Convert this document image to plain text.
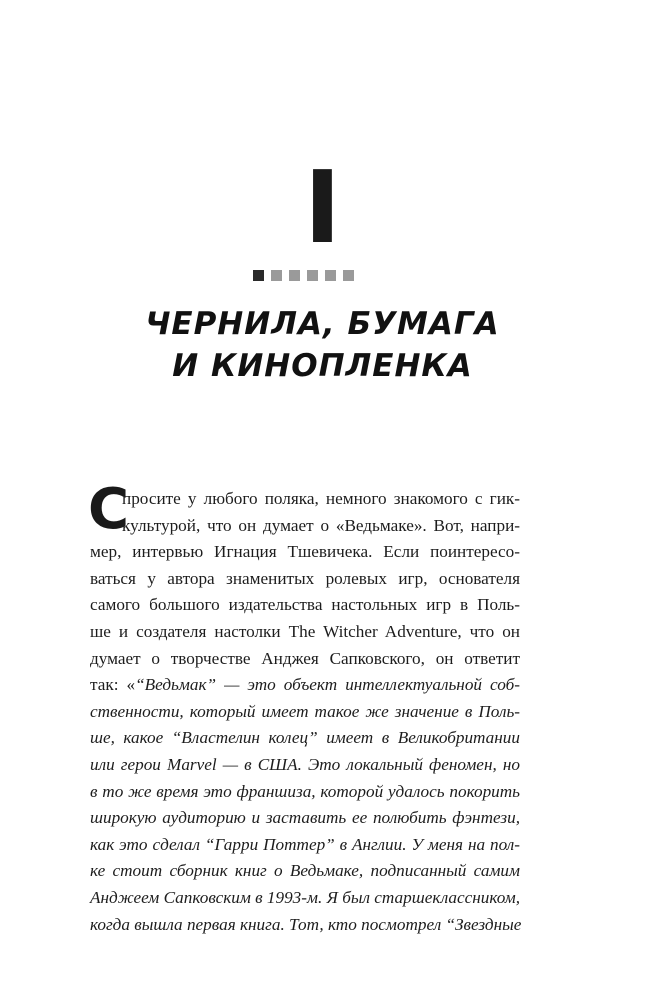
I
ЧЕРНИЛА, БУМАГА
И КИНОПЛЕНКА
С
просите у любого поляка, немного знакомого с гик-
культурой, что он думает о «Ведьмаке». Вот, напри-
мер, интервью Игнация Тшевичека. Если поинтересо-
ваться у автора знаменитых ролевых игр, основателя
самого большого издательства настольных игр в Поль-
ше и создателя настолки The Witcher Adventure, что он
думает о творчестве Анджея Сапковского, он ответит
так: «“Ведьмак” — это объект интеллектуальной соб-
ственности, который имеет такое же значение в Поль-
ше, какое “Властелин колец” имеет в Великобритании
или герои Marvel — в США. Это локальный феномен, но
в то же время это франшиза, которой удалось покорить
широкую аудиторию и заставить ее полюбить фэнтези,
как это сделал “Гарри Поттер” в Англии. У меня на пол-
ке стоит сборник книг о Ведьмаке, подписанный самим
Анджеем Сапковским в 1993-м. Я был старшеклассником,
когда вышла первая книга. Тот, кто посмотрел “Звездные
